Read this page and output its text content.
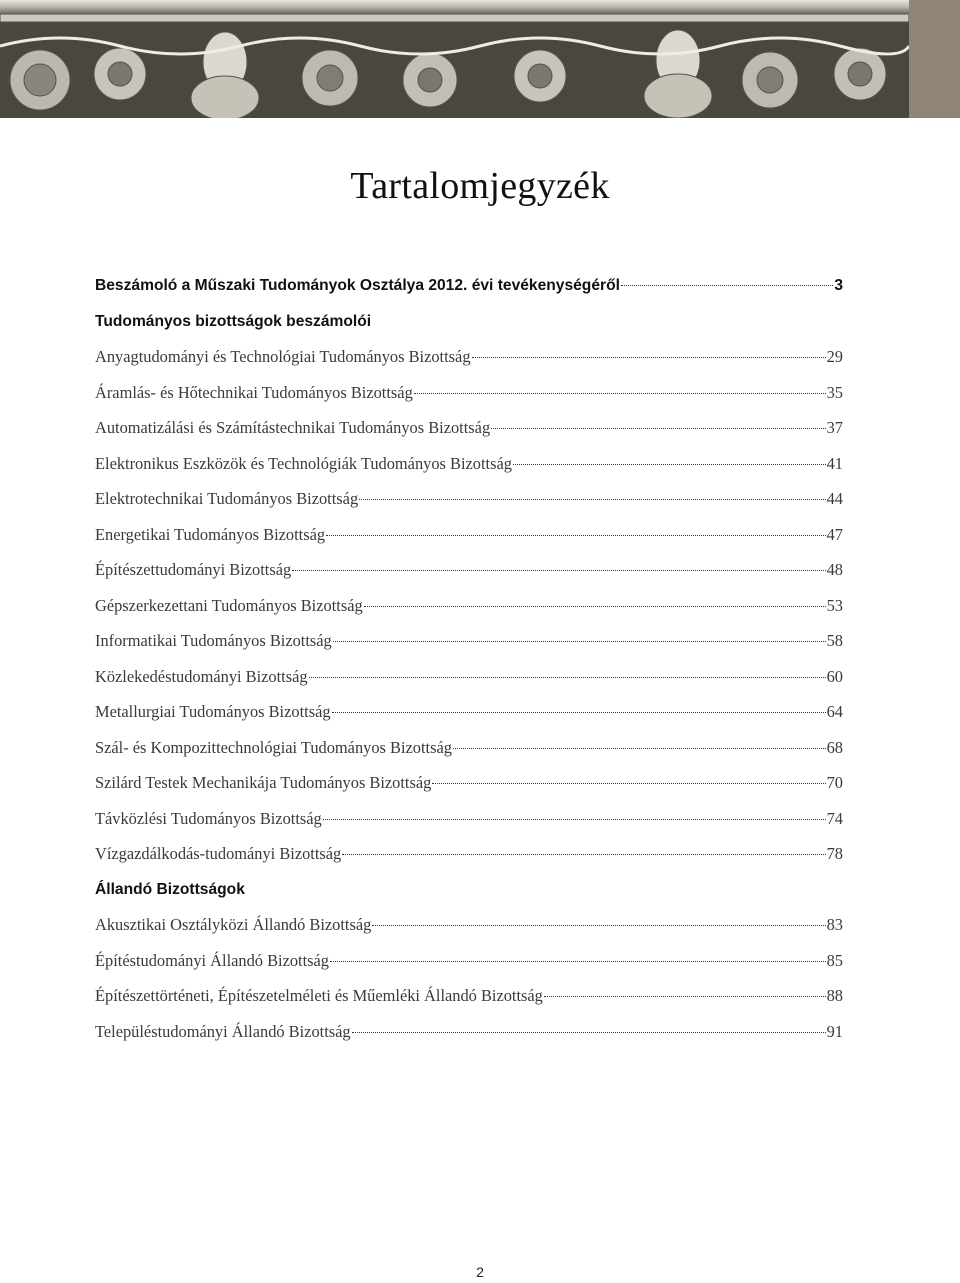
Tartalomjegyzék
Beszámoló a Műszaki Tudományok Osztálya 2012. évi tevékenységéről	3
Tudományos bizottságok beszámolói
Anyagtudományi és Technológiai Tudományos Bizottság	29
Áramlás- és Hőtechnikai Tudományos Bizottság	35
Automatizálási és Számítástechnikai Tudományos Bizottság	37
Elektronikus Eszközök és Technológiák Tudományos Bizottság	41
Elektrotechnikai Tudományos Bizottság	44
Energetikai Tudományos Bizottság	47
Építészettudományi Bizottság	48
Gépszerkezettani Tudományos Bizottság	53
Informatikai Tudományos Bizottság	58
Közlekedéstudományi Bizottság	60
Metallurgiai Tudományos Bizottság	64
Szál- és Kompozittechnológiai Tudományos Bizottság	68
Szilárd Testek Mechanikája Tudományos Bizottság	70
Távközlési Tudományos Bizottság	74
Vízgazdálkodás-tudományi Bizottság	78
Állandó Bizottságok
Akusztikai Osztályközi Állandó Bizottság	83
Építéstudományi Állandó Bizottság	85
Építészettörténeti, Építészetelméleti és Műemléki Állandó Bizottság	88
Településtudományi Állandó Bizottság	91
2
